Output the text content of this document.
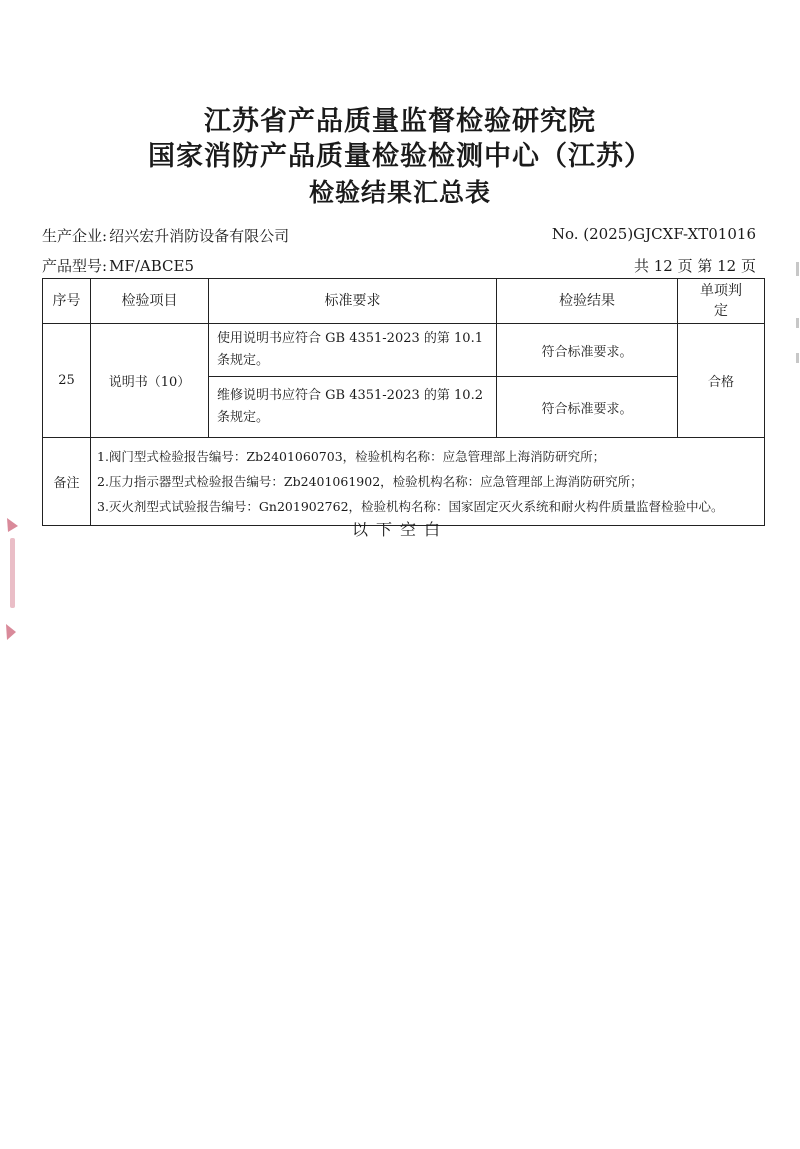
江苏省产品质量监督检验研究院
国家消防产品质量检验检测中心（江苏）
检验结果汇总表
生产企业: 绍兴宏升消防设备有限公司	No. (2025)GJCXF-XT01016
产品型号: MF/ABCE5	共 12 页 第 12 页
序号	检验项目	标准要求	检验结果	单项判定
25	说明书（10）	使用说明书应符合 GB 4351-2023 的第 10.1 条规定。	符合标准要求。	合格
		维修说明书应符合 GB 4351-2023 的第 10.2 条规定。	符合标准要求。	
备注	1.阀门型式检验报告编号：Zb2401060703，检验机构名称：应急管理部上海消防研究所；
2.压力指示器型式检验报告编号：Zb2401061902，检验机构名称：应急管理部上海消防研究所；
3.灭火剂型式试验报告编号：Gn201902762，检验机构名称：国家固定灭火系统和耐火构件质量监督检验中心。			
以下空白
